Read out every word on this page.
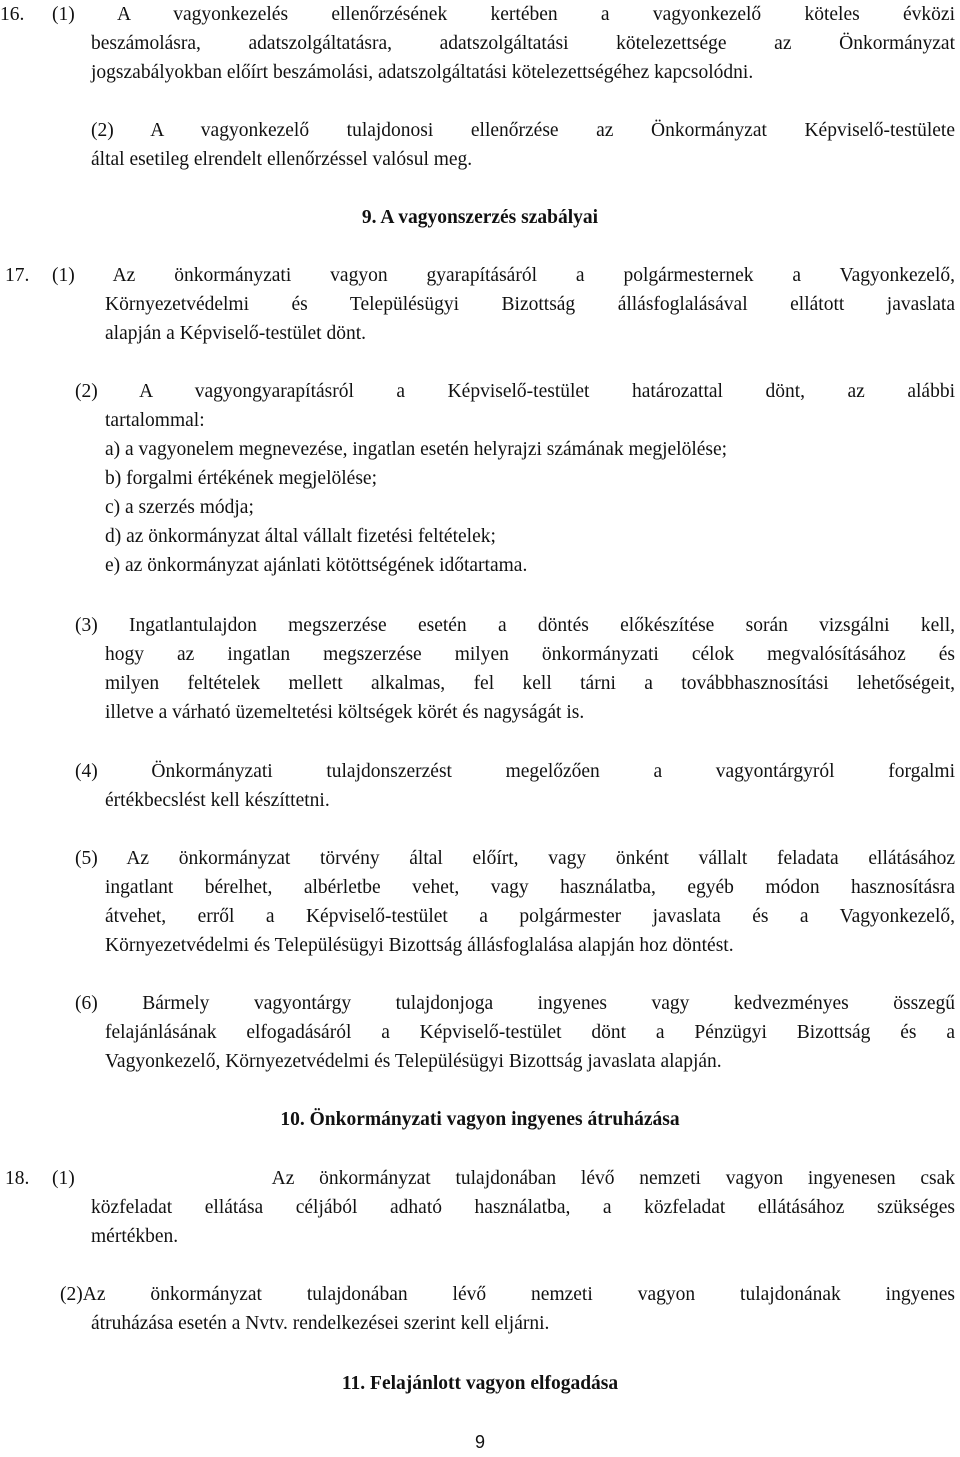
16. (1) A vagyonkezelés ellenőrzésének kertében a vagyonkezelő köteles évközi
beszámolásra, adatszolgáltatásra, adatszolgáltatási kötelezettsége az Önkormányzat
jogszabályokban előírt beszámolási, adatszolgáltatási kötelezettségéhez kapcsolódni.
(2) A vagyonkezelő tulajdonosi ellenőrzése az Önkormányzat Képviselő-testülete
által esetileg elrendelt ellenőrzéssel valósul meg.
9. A vagyonszerzés szabályai
17. (1) Az önkormányzati vagyon gyarapításáról a polgármesternek a Vagyonkezelő,
Környezetvédelmi és Településügyi Bizottság állásfoglalásával ellátott javaslata
alapján a Képviselő-testület dönt.
(2) A vagyongyarapításról a Képviselő-testület határozattal dönt, az alábbi
tartalommal:
a) a vagyonelem megnevezése, ingatlan esetén helyrajzi számának megjelölése;
b) forgalmi értékének megjelölése;
c) a szerzés módja;
d) az önkormányzat által vállalt fizetési feltételek;
e) az önkormányzat ajánlati kötöttségének időtartama.
(3) Ingatlantulajdon megszerzése esetén a döntés előkészítése során vizsgálni kell,
hogy az ingatlan megszerzése milyen önkormányzati célok megvalósításához és
milyen feltételek mellett alkalmas, fel kell tárni a továbbhasznosítási lehetőségeit,
illetve a várható üzemeltetési költségek körét és nagyságát is.
(4) Önkormányzati tulajdonszerzést megelőzően a vagyontárgyról forgalmi
értékbecslést kell készíttetni.
(5) Az önkormányzat törvény által előírt, vagy önként vállalt feladata ellátásához
ingatlant bérelhet, albérletbe vehet, vagy használatba, egyéb módon hasznosításra
átvehet, erről a Képviselő-testület a polgármester javaslata és a Vagyonkezelő,
Környezetvédelmi és Településügyi Bizottság állásfoglalása alapján hoz döntést.
(6) Bármely vagyontárgy tulajdonjoga ingyenes vagy kedvezményes összegű
felajánlásának elfogadásáról a Képviselő-testület dönt a Pénzügyi Bizottság és a
Vagyonkezelő, Környezetvédelmi és Településügyi Bizottság javaslata alapján.
10. Önkormányzati vagyon ingyenes átruházása
18. (1)        Az önkormányzat tulajdonában lévő nemzeti vagyon ingyenesen csak
közfeladat ellátása céljából adható használatba, a közfeladat ellátásához szükséges
mértékben.
(2)Az önkormányzat tulajdonában lévő nemzeti vagyon tulajdonának ingyenes
átruházása esetén a Nvtv. rendelkezései szerint kell eljárni.
11. Felajánlott vagyon elfogadása
9
